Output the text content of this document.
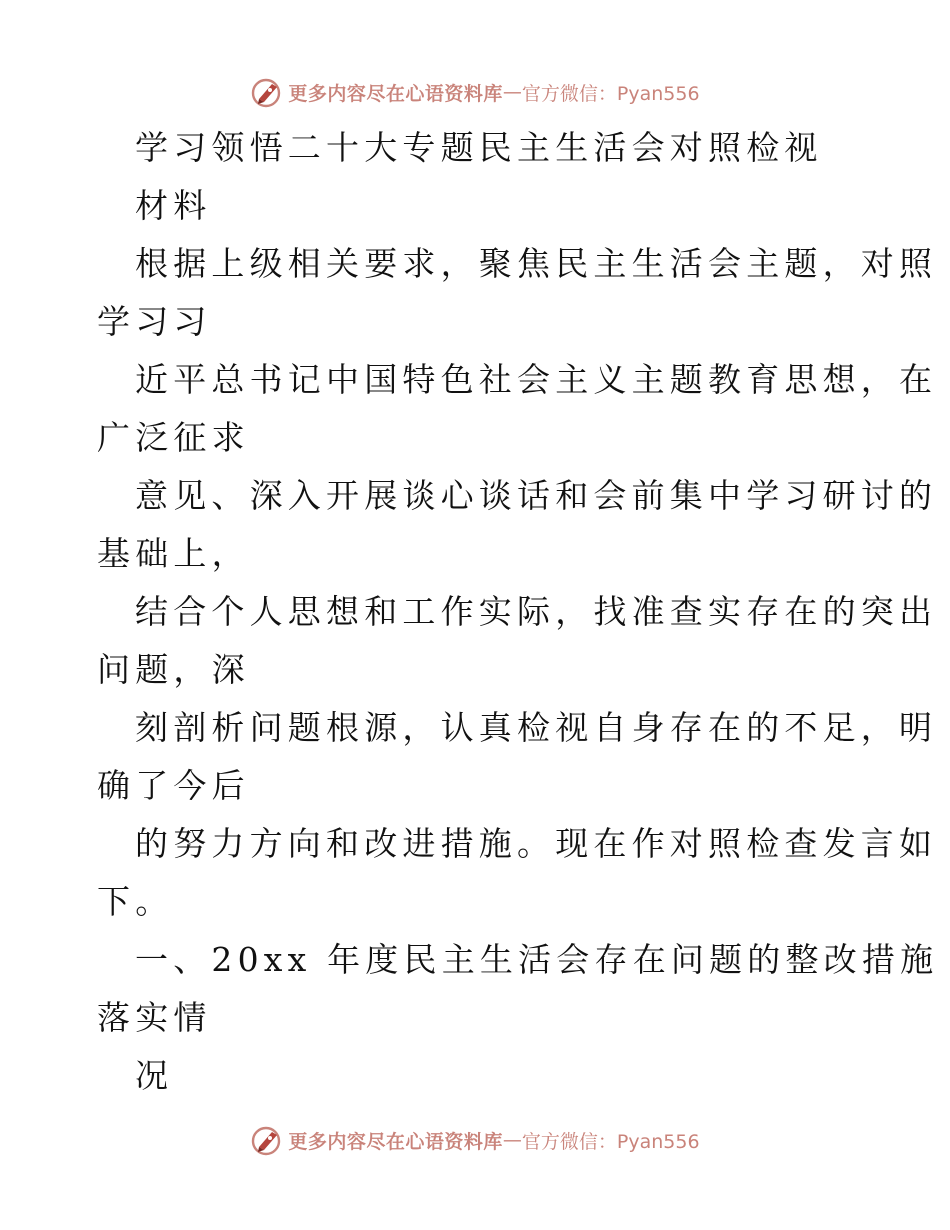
更多内容尽在心语资料库 — 官方微信：Pyan556
学习领悟二十大专题民主生活会对照检视
材料
根据上级相关要求，聚焦民主生活会主题，对照
学习习
近平总书记中国特色社会主义主题教育思想，在
广泛征求
意见、深入开展谈心谈话和会前集中学习研讨的
基础上，
结合个人思想和工作实际，找准查实存在的突出
问题，深
刻剖析问题根源，认真检视自身存在的不足，明
确了今后
的努力方向和改进措施。现在作对照检查发言如
下。
一、20xx 年度民主生活会存在问题的整改措施
落实情
况
更多内容尽在心语资料库 — 官方微信：Pyan556
